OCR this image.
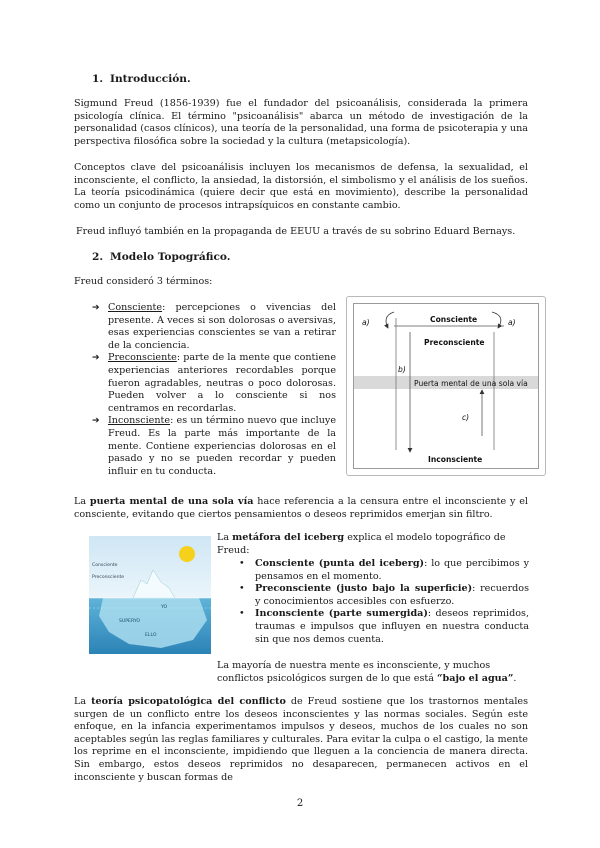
1. Introducción.

Sigmund Freud (1856-1939) fue el fundador del psicoanálisis, considerada la primera psicología clínica. El término "psicoanálisis" abarca un método de investigación de la personalidad (casos clínicos), una teoría de la personalidad, una forma de psicoterapia y una perspectiva filosófica sobre la sociedad y la cultura (metapsicología).

Conceptos clave del psicoanálisis incluyen los mecanismos de defensa, la sexualidad, el inconsciente, el conflicto, la ansiedad, la distorsión, el simbolismo y el análisis de los sueños. La teoría psicodinámica (quiere decir que está en movimiento), describe la personalidad como un conjunto de procesos intrapsíquicos en constante cambio.

Freud influyó también en la propaganda de EEUU a través de su sobrino Eduard Bernays.

2. Modelo Topográfico.

Freud consideró 3 términos:

➔ Consciente: percepciones o vivencias del presente. A veces si son dolorosas o aversivas, esas experiencias conscientes se van a retirar de la conciencia.
➔ Preconsciente: parte de la mente que contiene experiencias anteriores recordables porque fueron agradables, neutras o poco dolorosas. Pueden volver a lo consciente si nos centramos en recordarlas.
➔ Inconsciente: es un término nuevo que incluye Freud. Es la parte más importante de la mente. Contiene experiencias dolorosas en el pasado y no se pueden recordar y pueden influir en tu conducta.
a)	Consciente	a)
Preconsciente
b)
Puerta mental de una sola vía
c)
Inconsciente

La puerta mental de una sola vía hace referencia a la censura entre el inconsciente y el consciente, evitando que ciertos pensamientos o deseos reprimidos emerjan sin filtro.

Consciente
Preconsciente
YO
SUPERYO
ELLO

La metáfora del iceberg explica el modelo topográfico de Freud:

• Consciente (punta del iceberg): lo que percibimos y pensamos en el momento.
• Preconsciente (justo bajo la superficie): recuerdos y conocimientos accesibles con esfuerzo.
• Inconsciente (parte sumergida): deseos reprimidos, traumas e impulsos que influyen en nuestra conducta sin que nos demos cuenta.

La mayoría de nuestra mente es inconsciente, y muchos conflictos psicológicos surgen de lo que está “bajo el agua”.

La teoría psicopatológica del conflicto de Freud sostiene que los trastornos mentales surgen de un conflicto entre los deseos inconscientes y las normas sociales. Según este enfoque, en la infancia experimentamos impulsos y deseos, muchos de los cuales no son aceptables según las reglas familiares y culturales. Para evitar la culpa o el castigo, la mente los reprime en el inconsciente, impidiendo que lleguen a la conciencia de manera directa. Sin embargo, estos deseos reprimidos no desaparecen, permanecen activos en el inconsciente y buscan formas de

2
